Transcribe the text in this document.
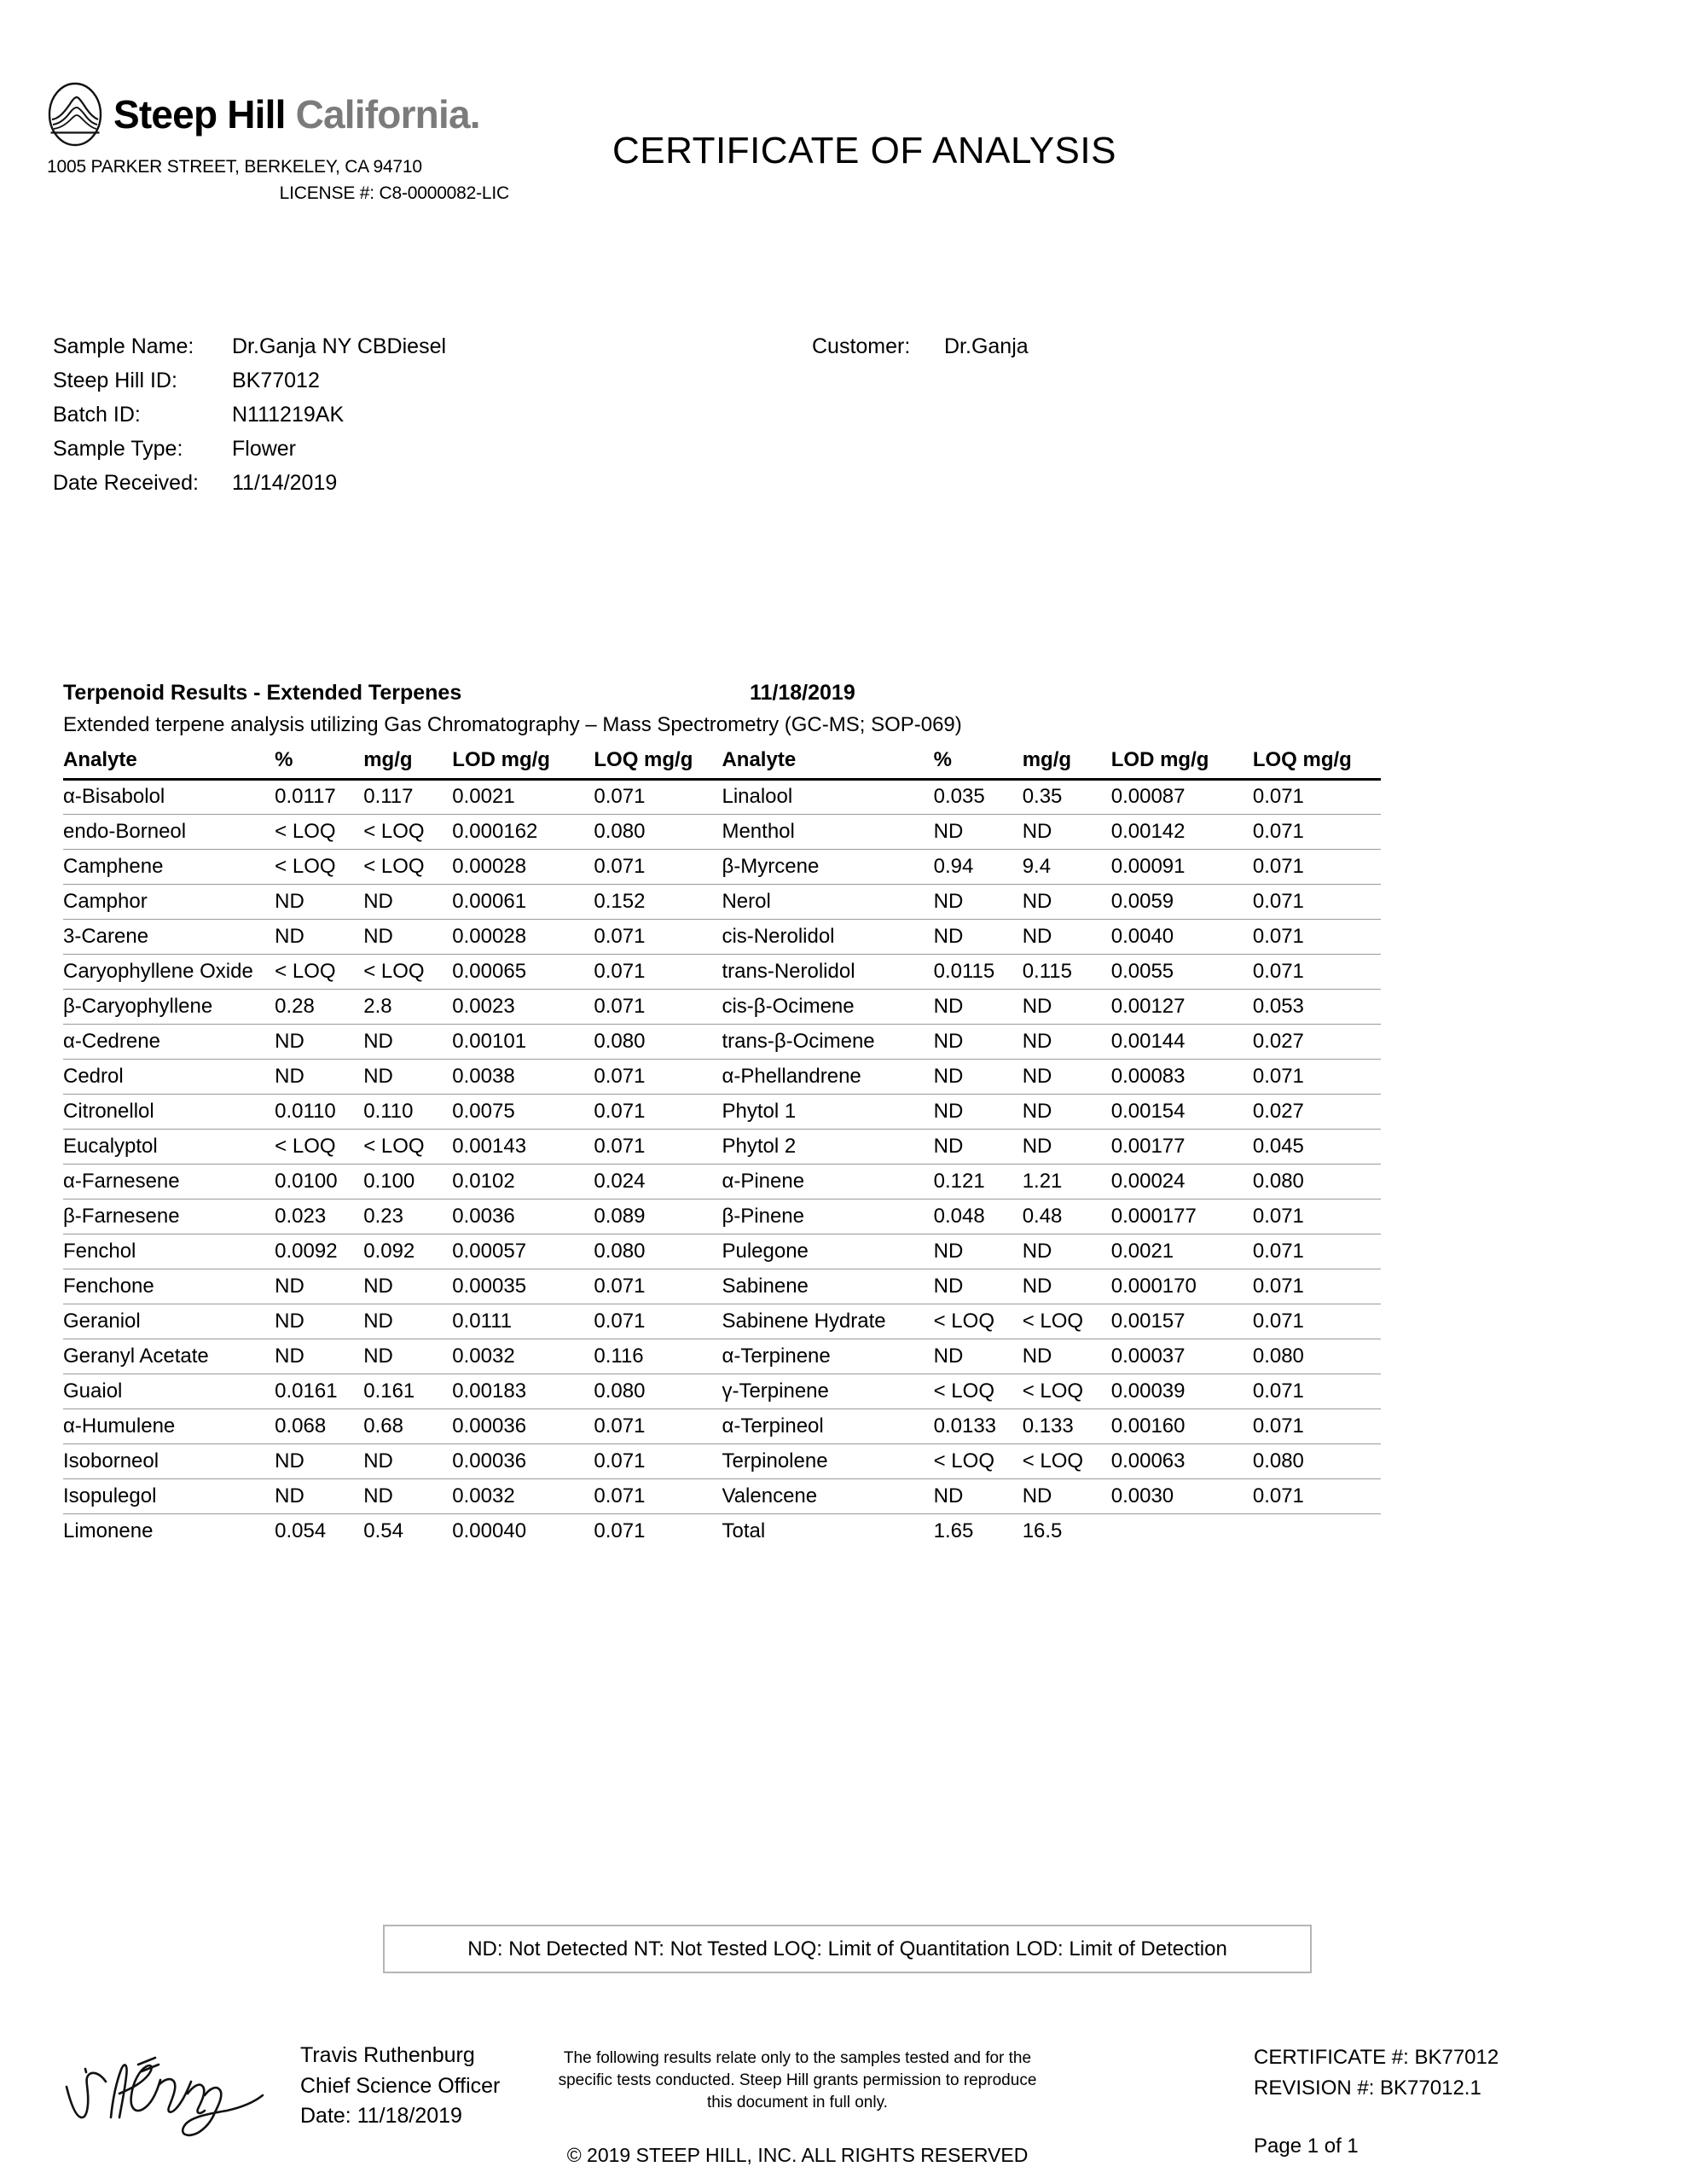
Steep Hill California.
1005 PARKER STREET, BERKELEY, CA 94710
LICENSE #: C8-0000082-LIC
CERTIFICATE OF ANALYSIS
Sample Name:	Dr.Ganja NY CBDiesel
Steep Hill ID:	BK77012
Batch ID:	N111219AK
Sample Type:	Flower
Date Received:	11/14/2019
Customer:	Dr.Ganja
Terpenoid Results - Extended Terpenes	11/18/2019
Extended terpene analysis utilizing Gas Chromatography – Mass Spectrometry (GC-MS; SOP-069)
Analyte	%	mg/g	LOD mg/g	LOQ mg/g	Analyte	%	mg/g	LOD mg/g	LOQ mg/g
α-Bisabolol	0.0117	0.117	0.0021	0.071	Linalool	0.035	0.35	0.00087	0.071
endo-Borneol	< LOQ	< LOQ	0.000162	0.080	Menthol	ND	ND	0.00142	0.071
Camphene	< LOQ	< LOQ	0.00028	0.071	β-Myrcene	0.94	9.4	0.00091	0.071
Camphor	ND	ND	0.00061	0.152	Nerol	ND	ND	0.0059	0.071
3-Carene	ND	ND	0.00028	0.071	cis-Nerolidol	ND	ND	0.0040	0.071
Caryophyllene Oxide	< LOQ	< LOQ	0.00065	0.071	trans-Nerolidol	0.0115	0.115	0.0055	0.071
β-Caryophyllene	0.28	2.8	0.0023	0.071	cis-β-Ocimene	ND	ND	0.00127	0.053
α-Cedrene	ND	ND	0.00101	0.080	trans-β-Ocimene	ND	ND	0.00144	0.027
Cedrol	ND	ND	0.0038	0.071	α-Phellandrene	ND	ND	0.00083	0.071
Citronellol	0.0110	0.110	0.0075	0.071	Phytol 1	ND	ND	0.00154	0.027
Eucalyptol	< LOQ	< LOQ	0.00143	0.071	Phytol 2	ND	ND	0.00177	0.045
α-Farnesene	0.0100	0.100	0.0102	0.024	α-Pinene	0.121	1.21	0.00024	0.080
β-Farnesene	0.023	0.23	0.0036	0.089	β-Pinene	0.048	0.48	0.000177	0.071
Fenchol	0.0092	0.092	0.00057	0.080	Pulegone	ND	ND	0.0021	0.071
Fenchone	ND	ND	0.00035	0.071	Sabinene	ND	ND	0.000170	0.071
Geraniol	ND	ND	0.0111	0.071	Sabinene Hydrate	< LOQ	< LOQ	0.00157	0.071
Geranyl Acetate	ND	ND	0.0032	0.116	α-Terpinene	ND	ND	0.00037	0.080
Guaiol	0.0161	0.161	0.00183	0.080	γ-Terpinene	< LOQ	< LOQ	0.00039	0.071
α-Humulene	0.068	0.68	0.00036	0.071	α-Terpineol	0.0133	0.133	0.00160	0.071
Isoborneol	ND	ND	0.00036	0.071	Terpinolene	< LOQ	< LOQ	0.00063	0.080
Isopulegol	ND	ND	0.0032	0.071	Valencene	ND	ND	0.0030	0.071
Limonene	0.054	0.54	0.00040	0.071	Total	1.65	16.5		
ND: Not Detected NT: Not Tested LOQ: Limit of Quantitation LOD: Limit of Detection
Travis Ruthenburg
Chief Science Officer
Date: 11/18/2019
The following results relate only to the samples tested and for the specific tests conducted. Steep Hill grants permission to reproduce this document in full only.
© 2019 STEEP HILL, INC. ALL RIGHTS RESERVED
CERTIFICATE #: BK77012
REVISION #: BK77012.1
Page 1 of 1
